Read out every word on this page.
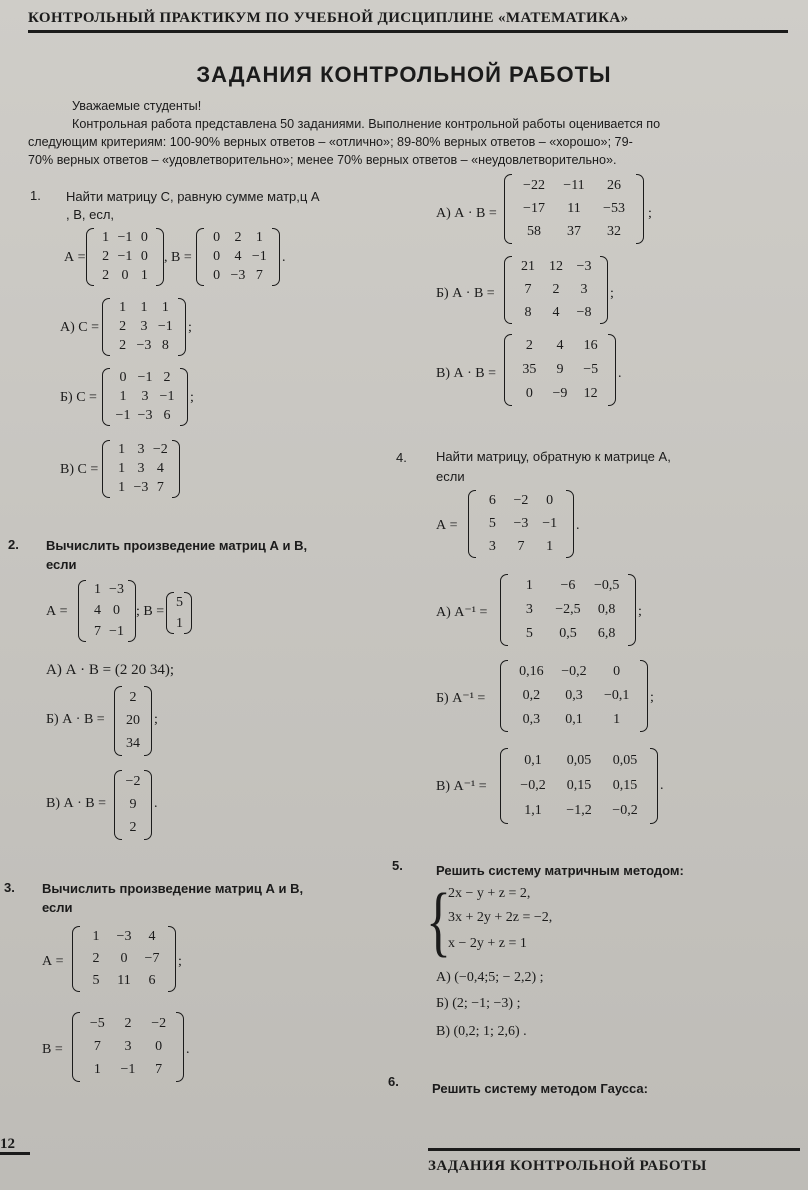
КОНТРОЛЬНЫЙ ПРАКТИКУМ ПО УЧЕБНОЙ ДИСЦИПЛИНЕ «МАТЕМАТИКА»
ЗАДАНИЯ КОНТРОЛЬНОЙ РАБОТЫ
Уважаемые студенты!
Контрольная работа представлена 50 заданиями. Выполнение контрольной работы оценивается по
следующим критериям: 100-90% верных ответов – «отлично»; 89-80% верных ответов – «хорошо»; 79-
70% верных ответов – «удовлетворительно»; менее 70% верных ответов – «неудовлетворительно».
1. Найти матрицу С, равную сумме матр,ц А
, В, есл,
А =
1 −1 0
2 −1 0
2 0 1
, В =
0 2 1
0 4 −1
0 −3 7
.
А) С =
1 1 1
2 3 −1
2 −3 8
;
Б) С =
0 −1 2
1 3 −1
−1 −3 6
;
В) С =
1 3 −2
1 3 4
1 −3 7
2. Вычислить произведение матриц А и В,
если
А =
1 −3
4 0
7 −1
; В =
5
1
А) А · В = (2 20 34);
Б) А · В =
2
20
34
;
В) А · В =
−2
9
2
.
3. Вычислить произведение матриц А и В,
если
А =
1 −3 4
2 0 −7
5 11 6
;
В =
−5 2 −2
7 3 0
1 −1 7
.
А) А · В =
−22 −11 26
−17 11 −53
58 37 32
;
Б) А · В =
21 12 −3
7 2 3
8 4 −8
;
В) А · В =
2 4 16
35 9 −5
0 −9 12
.
4. Найти матрицу, обратную к матрице А,
если
А =
6 −2 0
5 −3 −1
3 7 1
.
А) A⁻¹ =
1 −6 −0,5
3 −2,5 0,8
5 0,5 6,8
;
Б) A⁻¹ =
0,16 −0,2 0
0,2 0,3 −0,1
0,3 0,1 1
;
В) A⁻¹ =
0,1 0,05 0,05
−0,2 0,15 0,15
1,1 −1,2 −0,2
.
5.	Решить систему матричным методом:
{
2x − y + z = 2,
3x + 2y + 2z = −2,
x − 2y + z = 1
А) (−0,4;5; − 2,2) ;
Б) (2; −1; −3) ;
В) (0,2; 1; 2,6) .
6.	Решить систему методом Гаусса:
12
ЗАДАНИЯ КОНТРОЛЬНОЙ РАБОТЫ
